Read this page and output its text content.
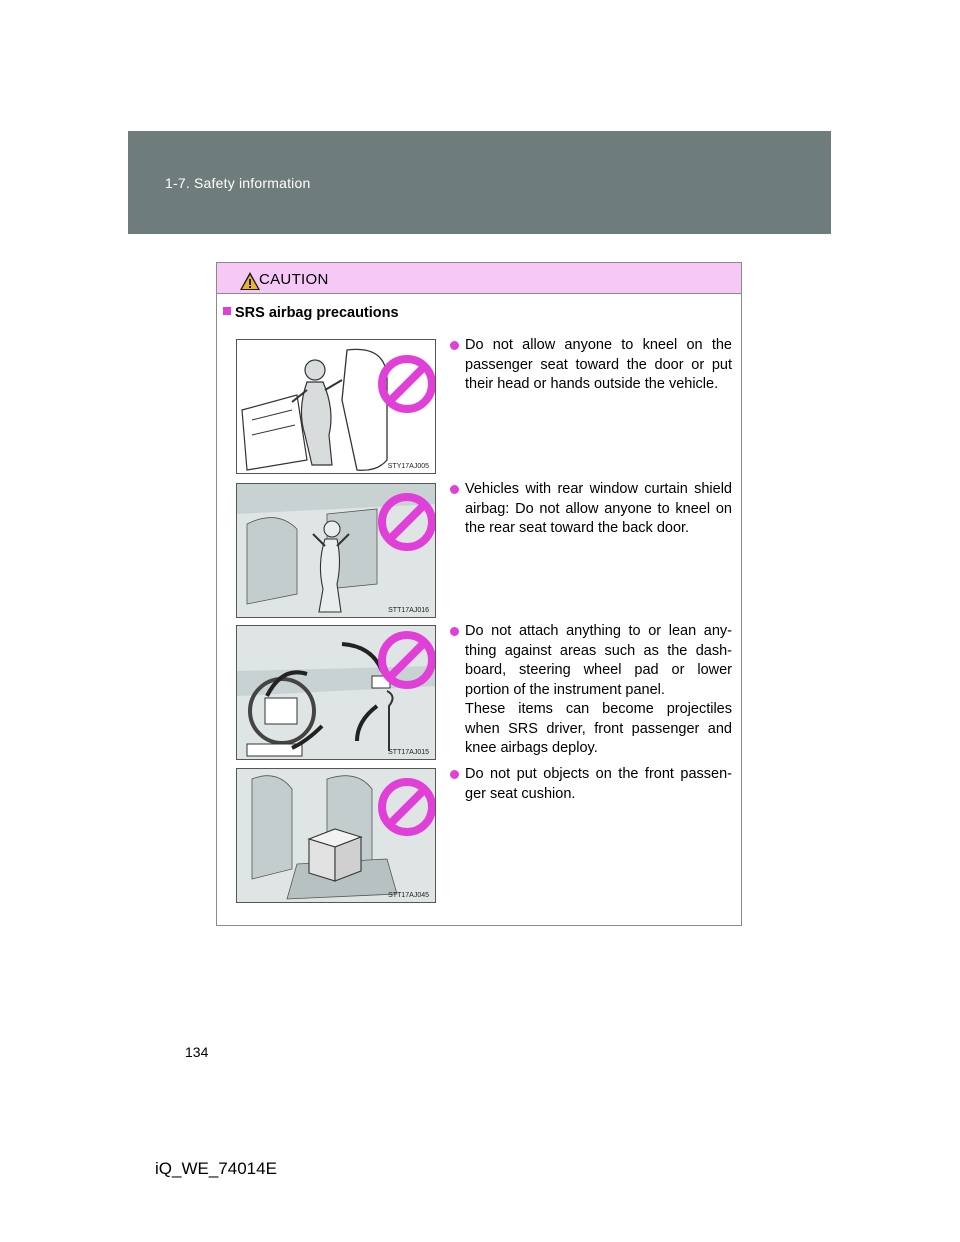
1-7. Safety information
CAUTION
SRS airbag precautions
STY17AJ005
Do not allow anyone to kneel on the passenger seat toward the door or put their head or hands outside the vehicle.
STT17AJ016
Vehicles with rear window curtain shield airbag: Do not allow anyone to kneel on the rear seat toward the back door.
STT17AJ015
Do not attach anything to or lean any-thing against areas such as the dash-board, steering wheel pad or lower portion of the instrument panel.
These items can become projectiles when SRS driver, front passenger and knee airbags deploy.
STT17AJ045
Do not put objects on the front passen-ger seat cushion.
134
iQ_WE_74014E
